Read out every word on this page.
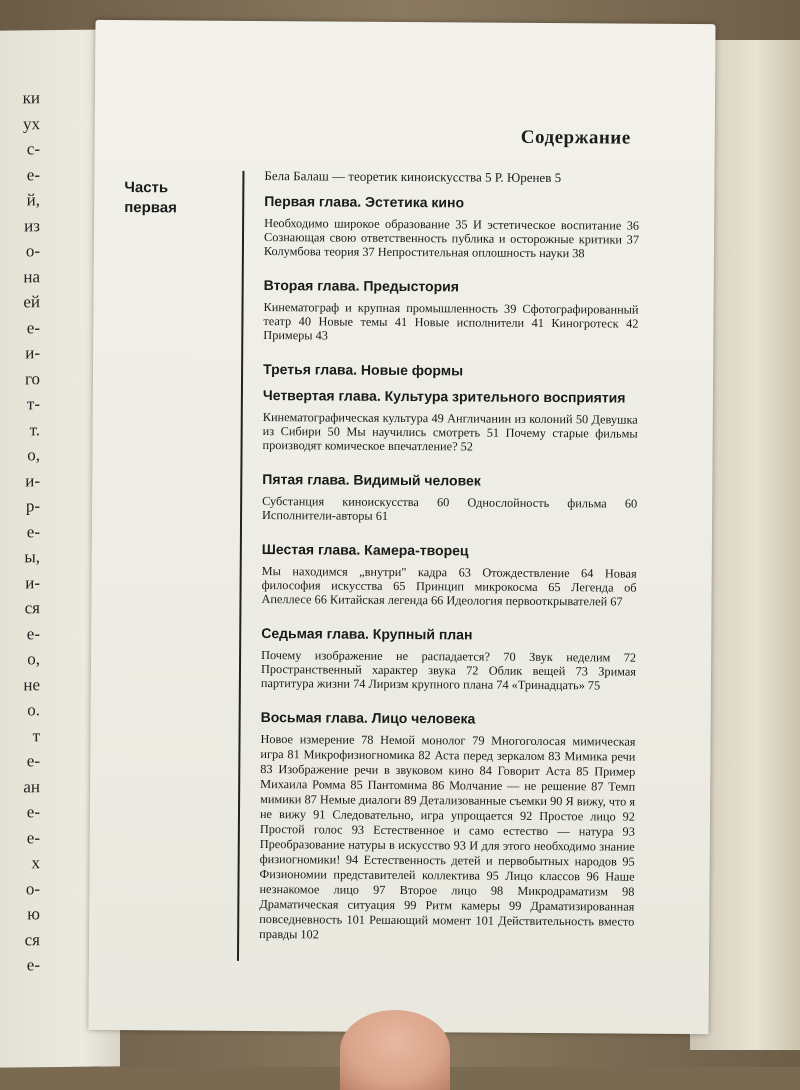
ки
ух
с-
е-
й,
из
о-
на
ей
е-
и-
го
т-
т.
о,
и-
р-
е-
ы,
и-
ся
е-
о,
не
о.
т
е-
ан
е-
е-
х
о-
ю
ся
е-
Содержание
Часть первая
Бела Балаш — теоретик киноискусства 5 Р. Юренев 5
Первая глава. Эстетика кино
Необходимо широкое образование 35 И эстетическое воспитание 36 Сознающая свою ответственность публика и осторожные критики 37 Колумбова теория 37 Непростительная оплошность науки 38
Вторая глава. Предыстория
Кинематограф и крупная промышленность 39 Сфотографированный театр 40 Новые темы 41 Новые исполнители 41 Киногротеск 42 Примеры 43
Третья глава. Новые формы
Четвертая глава. Культура зрительного восприятия
Кинематографическая культура 49 Англичанин из колоний 50 Девушка из Сибири 50 Мы научились смотреть 51 Почему старые фильмы производят комическое впечатление? 52
Пятая глава. Видимый человек
Субстанция киноискусства 60 Однослойность фильма 60 Исполнители-авторы 61
Шестая глава. Камера-творец
Мы находимся „внутри" кадра 63 Отождествление 64 Новая философия искусства 65 Принцип микрокосма 65 Легенда об Апеллесе 66 Китайская легенда 66 Идеология первооткрывателей 67
Седьмая глава. Крупный план
Почему изображение не распадается? 70 Звук неделим 72 Пространственный характер звука 72 Облик вещей 73 Зримая партитура жизни 74 Лиризм крупного плана 74 «Тринадцать» 75
Восьмая глава. Лицо человека
Новое измерение 78 Немой монолог 79 Многоголосая мимическая игра 81 Микрофизиогномика 82 Аста перед зеркалом 83 Мимика речи 83 Изображение речи в звуковом кино 84 Говорит Аста 85 Пример Михаила Ромма 85 Пантомима 86 Молчание — не решение 87 Темп мимики 87 Немые диалоги 89 Детализованные съемки 90 Я вижу, что я не вижу 91 Следовательно, игра упрощается 92 Простое лицо 92 Простой голос 93 Естественное и само естество — натура 93 Преобразование натуры в искусство 93 И для этого необходимо знание физиогномики! 94 Естественность детей и первобытных народов 95 Физиономии представителей коллектива 95 Лицо классов 96 Наше незнакомое лицо 97 Второе лицо 98 Микродраматизм 98 Драматическая ситуация 99 Ритм камеры 99 Драматизированная повседневность 101 Решающий момент 101 Действительность вместо правды 102
